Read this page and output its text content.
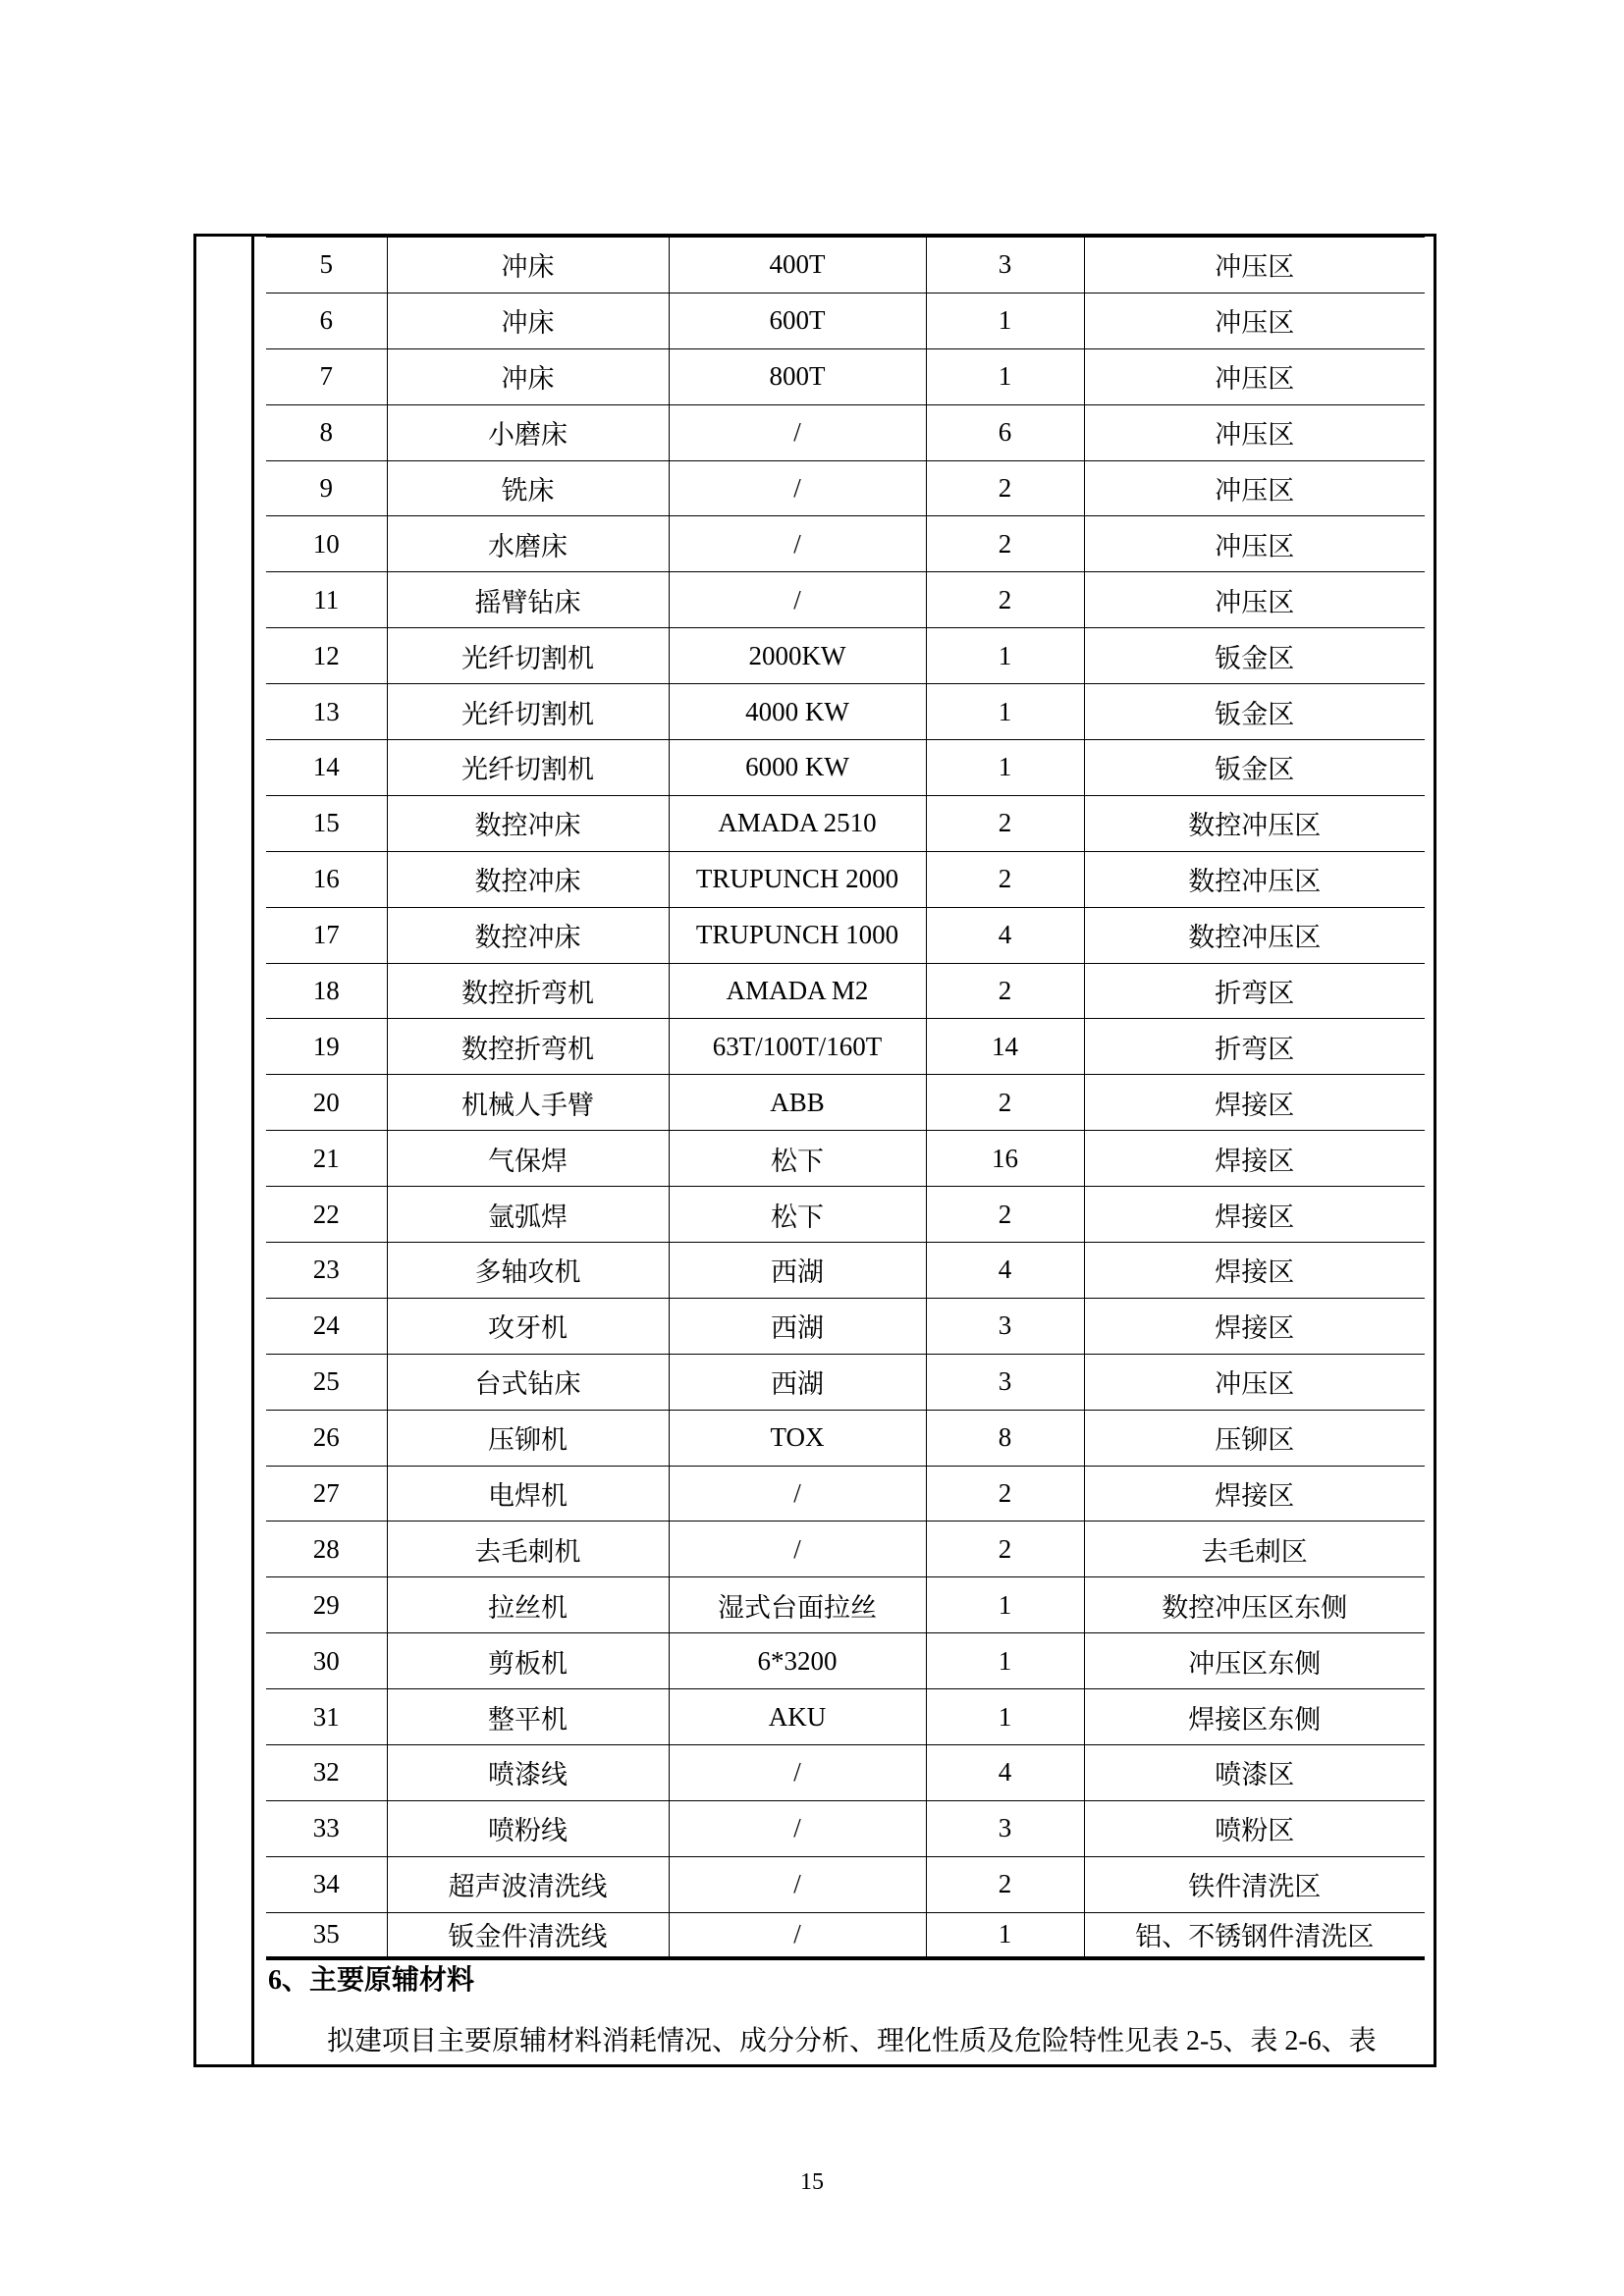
5	冲床	400T	3	冲压区
6	冲床	600T	1	冲压区
7	冲床	800T	1	冲压区
8	小磨床	/	6	冲压区
9	铣床	/	2	冲压区
10	水磨床	/	2	冲压区
11	摇臂钻床	/	2	冲压区
12	光纤切割机	2000KW	1	钣金区
13	光纤切割机	4000 KW	1	钣金区
14	光纤切割机	6000 KW	1	钣金区
15	数控冲床	AMADA 2510	2	数控冲压区
16	数控冲床	TRUPUNCH 2000	2	数控冲压区
17	数控冲床	TRUPUNCH 1000	4	数控冲压区
18	数控折弯机	AMADA M2	2	折弯区
19	数控折弯机	63T/100T/160T	14	折弯区
20	机械人手臂	ABB	2	焊接区
21	气保焊	松下	16	焊接区
22	氩弧焊	松下	2	焊接区
23	多轴攻机	西湖	4	焊接区
24	攻牙机	西湖	3	焊接区
25	台式钻床	西湖	3	冲压区
26	压铆机	TOX	8	压铆区
27	电焊机	/	2	焊接区
28	去毛刺机	/	2	去毛刺区
29	拉丝机	湿式台面拉丝	1	数控冲压区东侧
30	剪板机	6*3200	1	冲压区东侧
31	整平机	AKU	1	焊接区东侧
32	喷漆线	/	4	喷漆区
33	喷粉线	/	3	喷粉区
34	超声波清洗线	/	2	铁件清洗区
35	钣金件清洗线	/	1	铝、不锈钢件清洗区
6、主要原辅材料
拟建项目主要原辅材料消耗情况、成分分析、理化性质及危险特性见表 2-5、表 2-6、表
15
